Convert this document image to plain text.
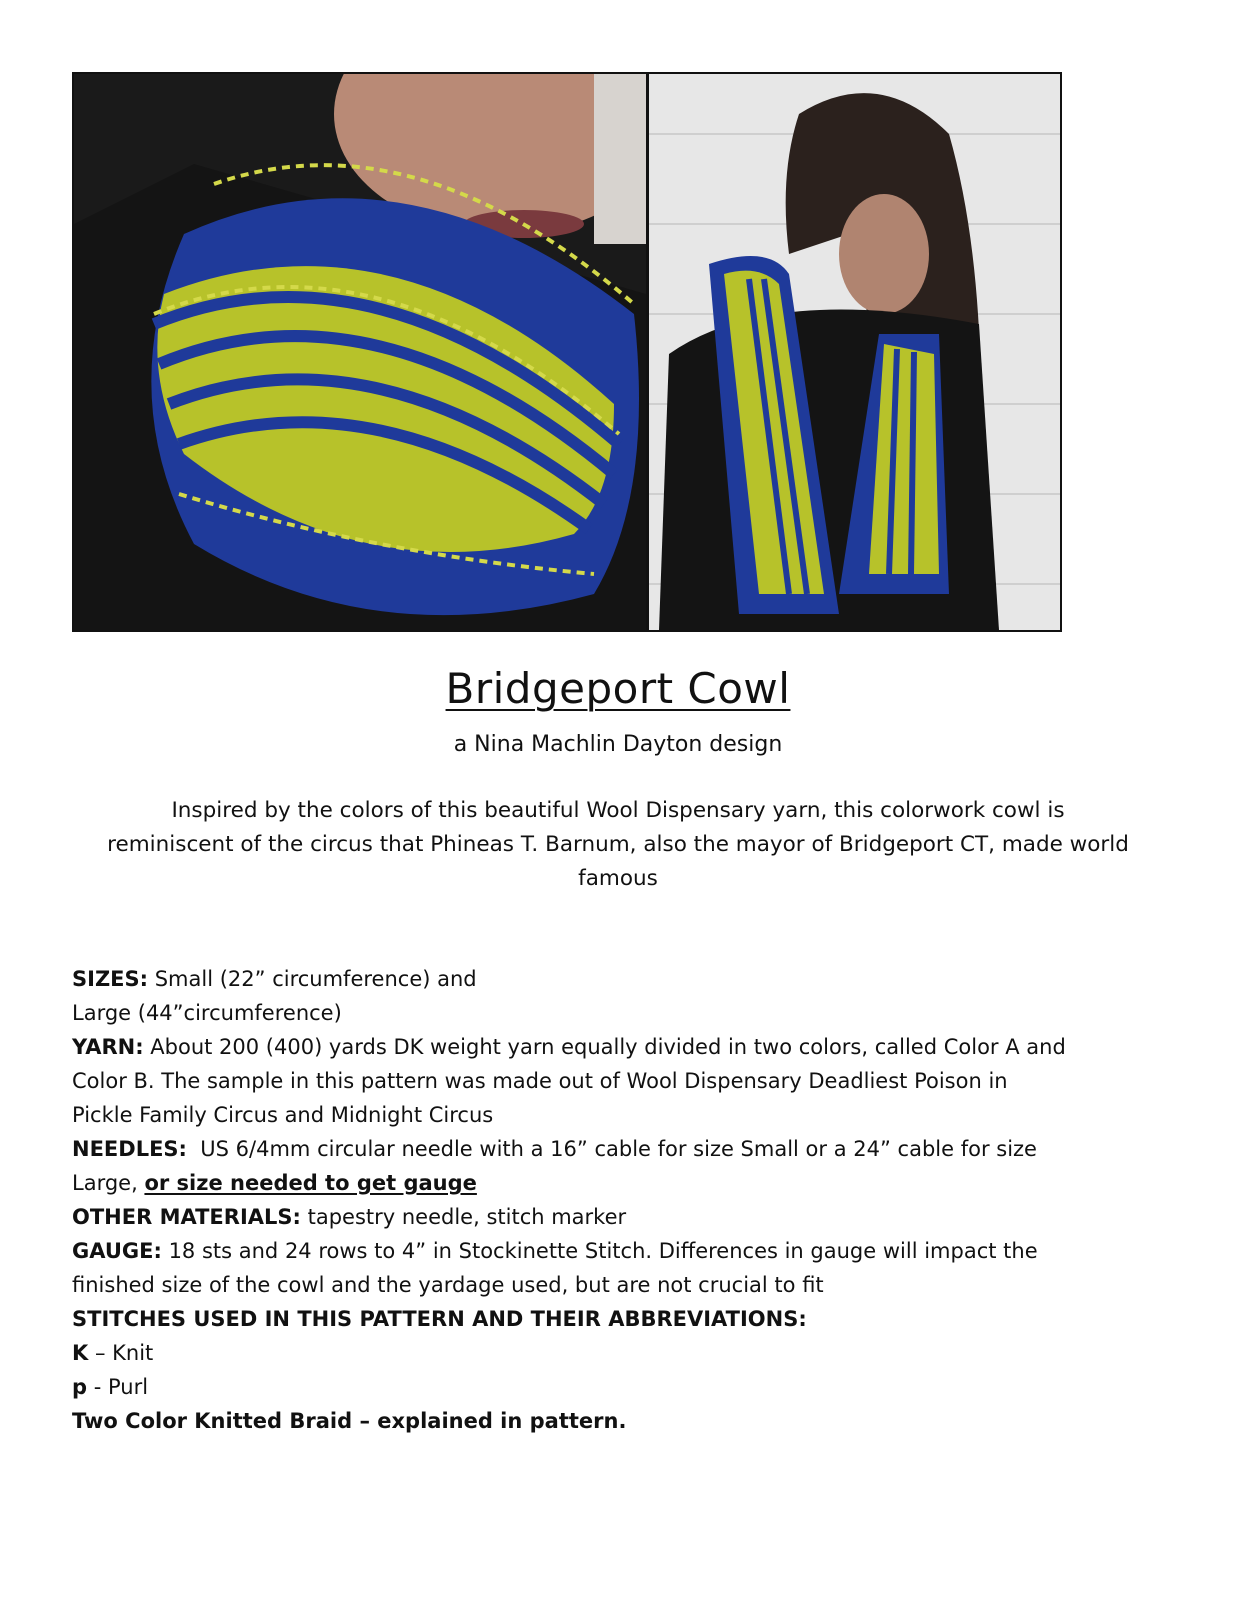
Bridgeport Cowl
a Nina Machlin Dayton design
Inspired by the colors of this beautiful Wool Dispensary yarn, this colorwork cowl is
reminiscent of the circus that Phineas T. Barnum, also the mayor of Bridgeport CT, made world
famous

SIZES: Small (22” circumference) and

Large (44”circumference)

YARN: About 200 (400) yards DK weight yarn equally divided in two colors, called Color A and

Color B. The sample in this pattern was made out of Wool Dispensary Deadliest Poison in

Pickle Family Circus and Midnight Circus

NEEDLES:  US 6/4mm circular needle with a 16” cable for size Small or a 24” cable for size

Large, or size needed to get gauge

OTHER MATERIALS: tapestry needle, stitch marker

GAUGE: 18 sts and 24 rows to 4” in Stockinette Stitch. Differences in gauge will impact the

finished size of the cowl and the yardage used, but are not crucial to fit

STITCHES USED IN THIS PATTERN AND THEIR ABBREVIATIONS:

K – Knit

p - Purl

Two Color Knitted Braid – explained in pattern.
